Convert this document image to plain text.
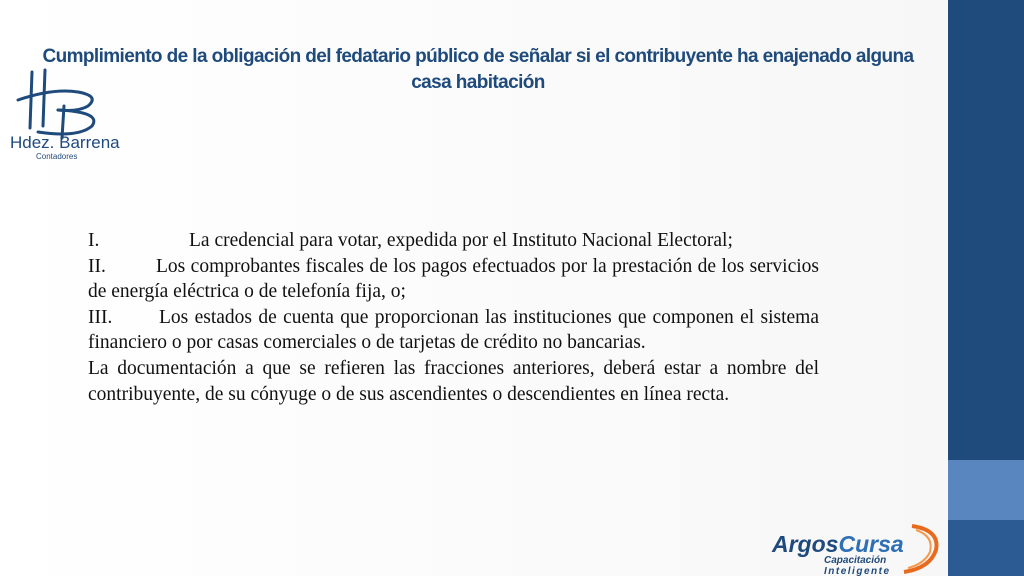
Hdez. Barrena
Contadores
Cumplimiento de la obligación del fedatario público de señalar si el contribuyente ha enajenado alguna casa habitación

I.	La credencial para votar, expedida por el Instituto Nacional Electoral;

II.	Los comprobantes fiscales de los pagos efectuados por la prestación de los servicios de energía eléctrica o de telefonía fija, o;

III. Los estados de cuenta que proporcionan las instituciones que componen el sistema financiero o por casas comerciales o de tarjetas de crédito no bancarias.

La documentación a que se refieren las fracciones anteriores, deberá estar a nombre del contribuyente, de su cónyuge o de sus ascendientes o descendientes en línea recta.

ArgosCursa
Capacitación
Inteligente
